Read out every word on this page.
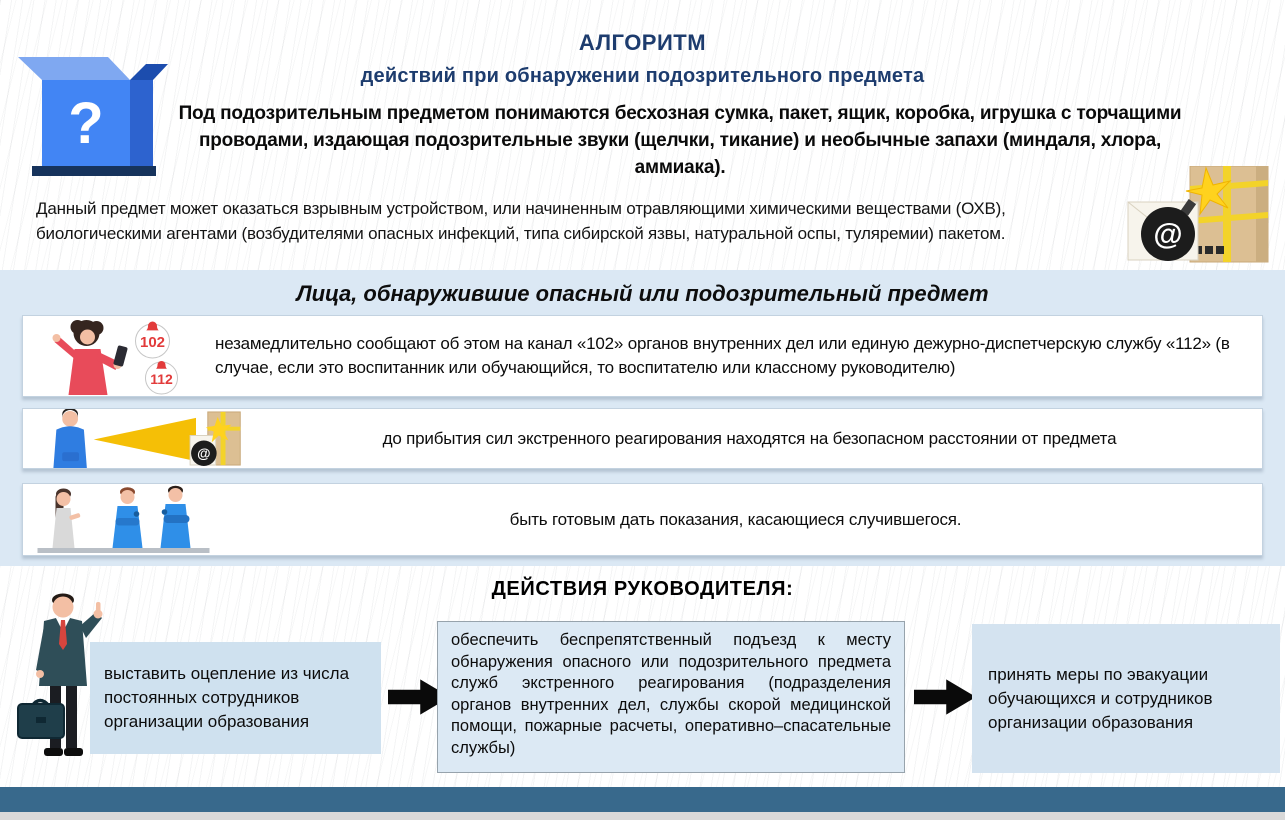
?
АЛГОРИТМ
действий при обнаружении подозрительного предмета
Под подозрительным предметом понимаются бесхозная сумка, пакет, ящик, коробка, игрушка с торчащими проводами, издающая подозрительные звуки (щелчки, тикание) и необычные запахи (миндаля, хлора, аммиака).
Данный предмет может оказаться взрывным устройством, или начиненным отравляющими химическими веществами (ОХВ), биологическими агентами (возбудителями опасных инфекций, типа сибирской язвы, натуральной оспы, туляремии) пакетом.	@
Лица, обнаружившие опасный или подозрительный предмет
102
112
незамедлительно сообщают об этом на канал «102» органов внутренних дел или единую дежурно-диспетчерскую службу «112» (в случае, если это воспитанник или обучающийся, то воспитателю или классному руководителю)
@
до прибытия сил экстренного реагирования находятся на безопасном расстоянии от предмета
быть готовым дать показания, касающиеся случившегося.
ДЕЙСТВИЯ РУКОВОДИТЕЛЯ:
выставить оцепление из числа постоянных сотрудников организации образования
обеспечить беспрепятственный подъезд к месту обнаружения опасного или подозрительного предмета служб экстренного реагирования (подразделения органов внутренних дел, службы скорой медицинской помощи, пожарные расчеты, оперативно–спасательные службы)
принять меры по эвакуации обучающихся и сотрудников организации образования
